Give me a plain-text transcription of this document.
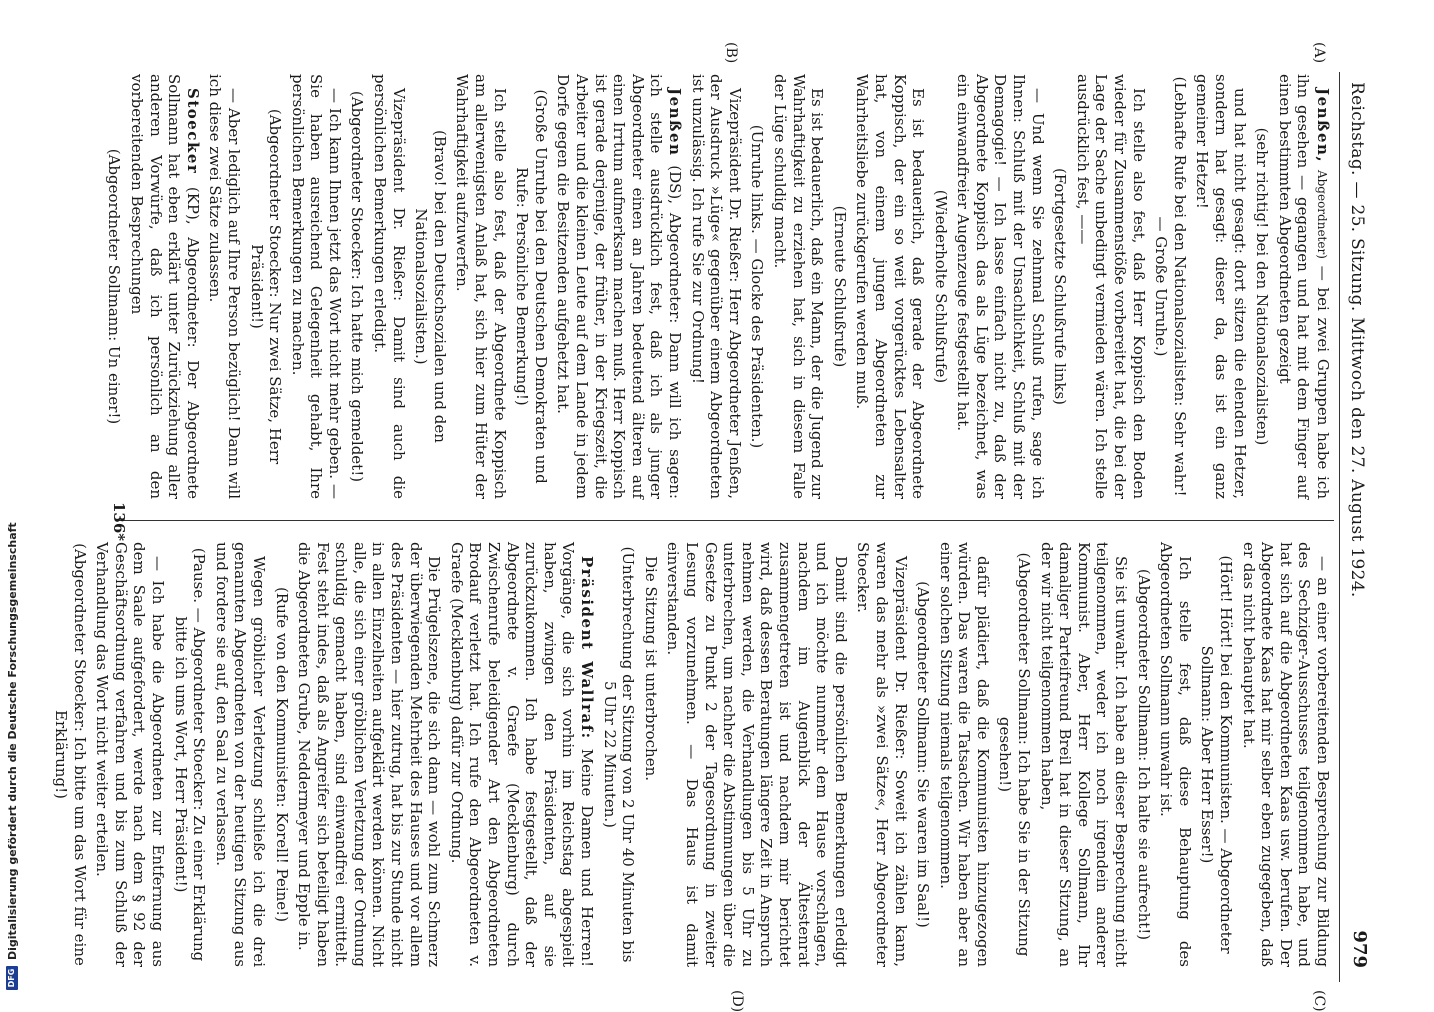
Reichstag. — 25. Sitzung. Mittwoch den 27. August 1924.
979

Jenßen, Abgeordneter) — bei zwei Gruppen habe ich ihn gesehen — gegangen und hat mit dem Finger auf einen bestimmten Abgeordneten gezeigt

(sehr richtig! bei den Nationalsozialisten)

und hat nicht gesagt: dort sitzen die elenden Hetzer, sondern hat gesagt: dieser da, das ist ein ganz gemeiner Hetzer!

(Lebhafte Rufe bei den Nationalsozialisten: Sehr wahr! — Große Unruhe.)

Ich stelle also fest, daß Herr Koppisch den Boden wieder für Zusammenstöße vorbereitet hat, die bei der Lage der Sache unbedingt vermieden wären. Ich stelle ausdrücklich fest, ——

(Fortgesetzte Schlußrufe links)

— Und wenn Sie zehnmal Schluß rufen, sage ich Ihnen: Schluß mit der Unsachlichkeit, Schluß mit der Demagogie! — Ich lasse einfach nicht zu, daß der Abgeordnete Koppisch das als Lüge bezeichnet, was ein einwandfreier Augenzeuge festgestellt hat.

(Wiederholte Schlußrufe)

Es ist bedauerlich, daß gerade der Abgeordnete Koppisch, der ein so weit vorgerücktes Lebensalter hat, von einem jungen Abgeordneten zur Wahrheitsliebe zurückgerufen werden muß.

(Erneute Schlußrufe)

Es ist bedauerlich, daß ein Mann, der die Jugend zur Wahrhaftigkeit zu erziehen hat, sich in diesem Falle der Lüge schuldig macht.

(Unruhe links. — Glocke des Präsidenten.)

Vizepräsident Dr. Rießer: Herr Abgeordneter Jenßen, der Ausdruck »Lüge« gegenüber einem Abgeordneten ist unzulässig. Ich rufe Sie zur Ordnung!

Jenßen (DS), Abgeordneter: Dann will ich sagen: ich stelle ausdrücklich fest, daß ich als junger Abgeordneter einen an Jahren bedeutend älteren auf einen Irrtum aufmerksam machen muß. Herr Koppisch ist gerade derjenige, der früher, in der Kriegszeit, die Arbeiter und die kleinen Leute auf dem Lande in jedem Dorfe gegen die Besitzenden aufgehetzt hat.

(Große Unruhe bei den Deutschen Demokraten und Rufe: Persönliche Bemerkung!)

Ich stelle also fest, daß der Abgeordnete Koppisch am allerwenigsten Anlaß hat, sich hier zum Hüter der Wahrhaftigkeit aufzuwerfen.

(Bravo! bei den Deutschsozialen und den Nationalsozialisten.)

Vizepräsident Dr. Rießer: Damit sind auch die persönlichen Bemerkungen erledigt.

(Abgeordneter Stoecker: Ich hatte mich gemeldet!)

— Ich kann Ihnen jetzt das Wort nicht mehr geben. — Sie haben ausreichend Gelegenheit gehabt, Ihre persönlichen Bemerkungen zu machen.

(Abgeordneter Stoecker: Nur zwei Sätze, Herr Präsident!)

— Aber lediglich auf Ihre Person bezüglich! Dann will ich diese zwei Sätze zulassen.

Stoecker (KP), Abgeordneter: Der Abgeordnete Sollmann hat eben erklärt unter Zurückziehung aller anderen Vorwürfe, daß ich persönlich an den vorbereitenden Besprechungen

(Abgeordneter Sollmann: Un einer!)

— an einer vorbereitenden Besprechung zur Bildung des Sechziger-Ausschusses teilgenommen habe, und hat sich auf die Abgeordneten Kaas usw. berufen. Der Abgeordnete Kaas hat mir selber eben zugegeben, daß er das nicht behauptet hat.

(Hört! Hört! bei den Kommunisten. — Abgeordneter Sollmann: Aber Herr Esser!)

Ich stelle fest, daß diese Behauptung des Abgeordneten Sollmann unwahr ist.

(Abgeordneter Sollmann: Ich halte sie aufrecht!)

Sie ist unwahr. Ich habe an dieser Besprechung nicht teilgenommen, weder ich noch irgendein anderer Kommunist. Aber, Herr Kollege Sollmann, Ihr damaliger Parteifreund Breil hat in dieser Sitzung, an der wir nicht teilgenommen haben,

(Abgeordneter Sollmann: Ich habe Sie in der Sitzung gesehen!)

dafür plädiert, daß die Kommunisten hinzugezogen würden. Das waren die Tatsachen. Wir haben aber an einer solchen Sitzung niemals teilgenommen.

(Abgeordneter Sollmann: Sie waren im Saal!)

Vizepräsident Dr. Rießer: Soweit ich zählen kann, waren das mehr als »zwei Sätze«, Herr Abgeordneter Stoecker.

Damit sind die persönlichen Bemerkungen erledigt und ich möchte nunmehr dem Hause vorschlagen, nachdem im Augenblick der Ältestenrat zusammengetreten ist und nachdem mir berichtet wird, daß dessen Beratungen längere Zeit in Anspruch nehmen werden, die Verhandlungen bis 5 Uhr zu unterbrechen, um nachher die Abstimmungen über die Gesetze zu Punkt 2 der Tagesordnung in zweiter Lesung vorzunehmen. — Das Haus ist damit einverstanden.

Die Sitzung ist unterbrochen.

(Unterbrechung der Sitzung von 2 Uhr 40 Minuten bis 5 Uhr 22 Minuten.)

Präsident Wallraf: Meine Damen und Herren! Vorgänge, die sich vorhin im Reichstag abgespielt haben, zwingen den Präsidenten, auf sie zurückzukommen. Ich habe festgestellt, daß der Abgeordnete v. Graefe (Mecklenburg) durch Zwischenrufe beleidigender Art den Abgeordneten Brodauf verletzt hat. Ich rufe den Abgeordneten v. Graefe (Mecklenburg) dafür zur Ordnung.

Die Prügelszene, die sich dann — wohl zum Schmerz der überwiegenden Mehrheit des Hauses und vor allem des Präsidenten — hier zutrug, hat bis zur Stunde nicht in allen Einzelheiten aufgeklärt werden können. Nicht alle, die sich einer gröblichen Verletzung der Ordnung schuldig gemacht haben, sind einwandfrei ermittelt. Fest steht indes, daß als Angreifer sich beteiligt haben die Abgeordneten Grube, Neddermeyer und Epple in.

(Rufe von den Kommunisten: Korell! Peine!)

Wegen gröblicher Verletzung schließe ich die drei genannten Abgeordneten von der heutigen Sitzung aus und fordere sie auf, den Saal zu verlassen.

(Pause. — Abgeordneter Stoecker: Zu einer Erklärung bitte ich ums Wort, Herr Präsident!)

— Ich habe die Abgeordneten zur Entfernung aus dem Saale aufgefordert, werde nach dem § 92 der Geschäftsordnung verfahren und bis zum Schluß der Verhandlung das Wort nicht weiter erteilen.

(Abgeordneter Stoecker: Ich bitte um das Wort für eine Erklärung!)

(A)
(B)
(C)
(D)
136*
DFG
Digitalisierung gefördert durch die Deutsche Forschungsgemeinschaft
